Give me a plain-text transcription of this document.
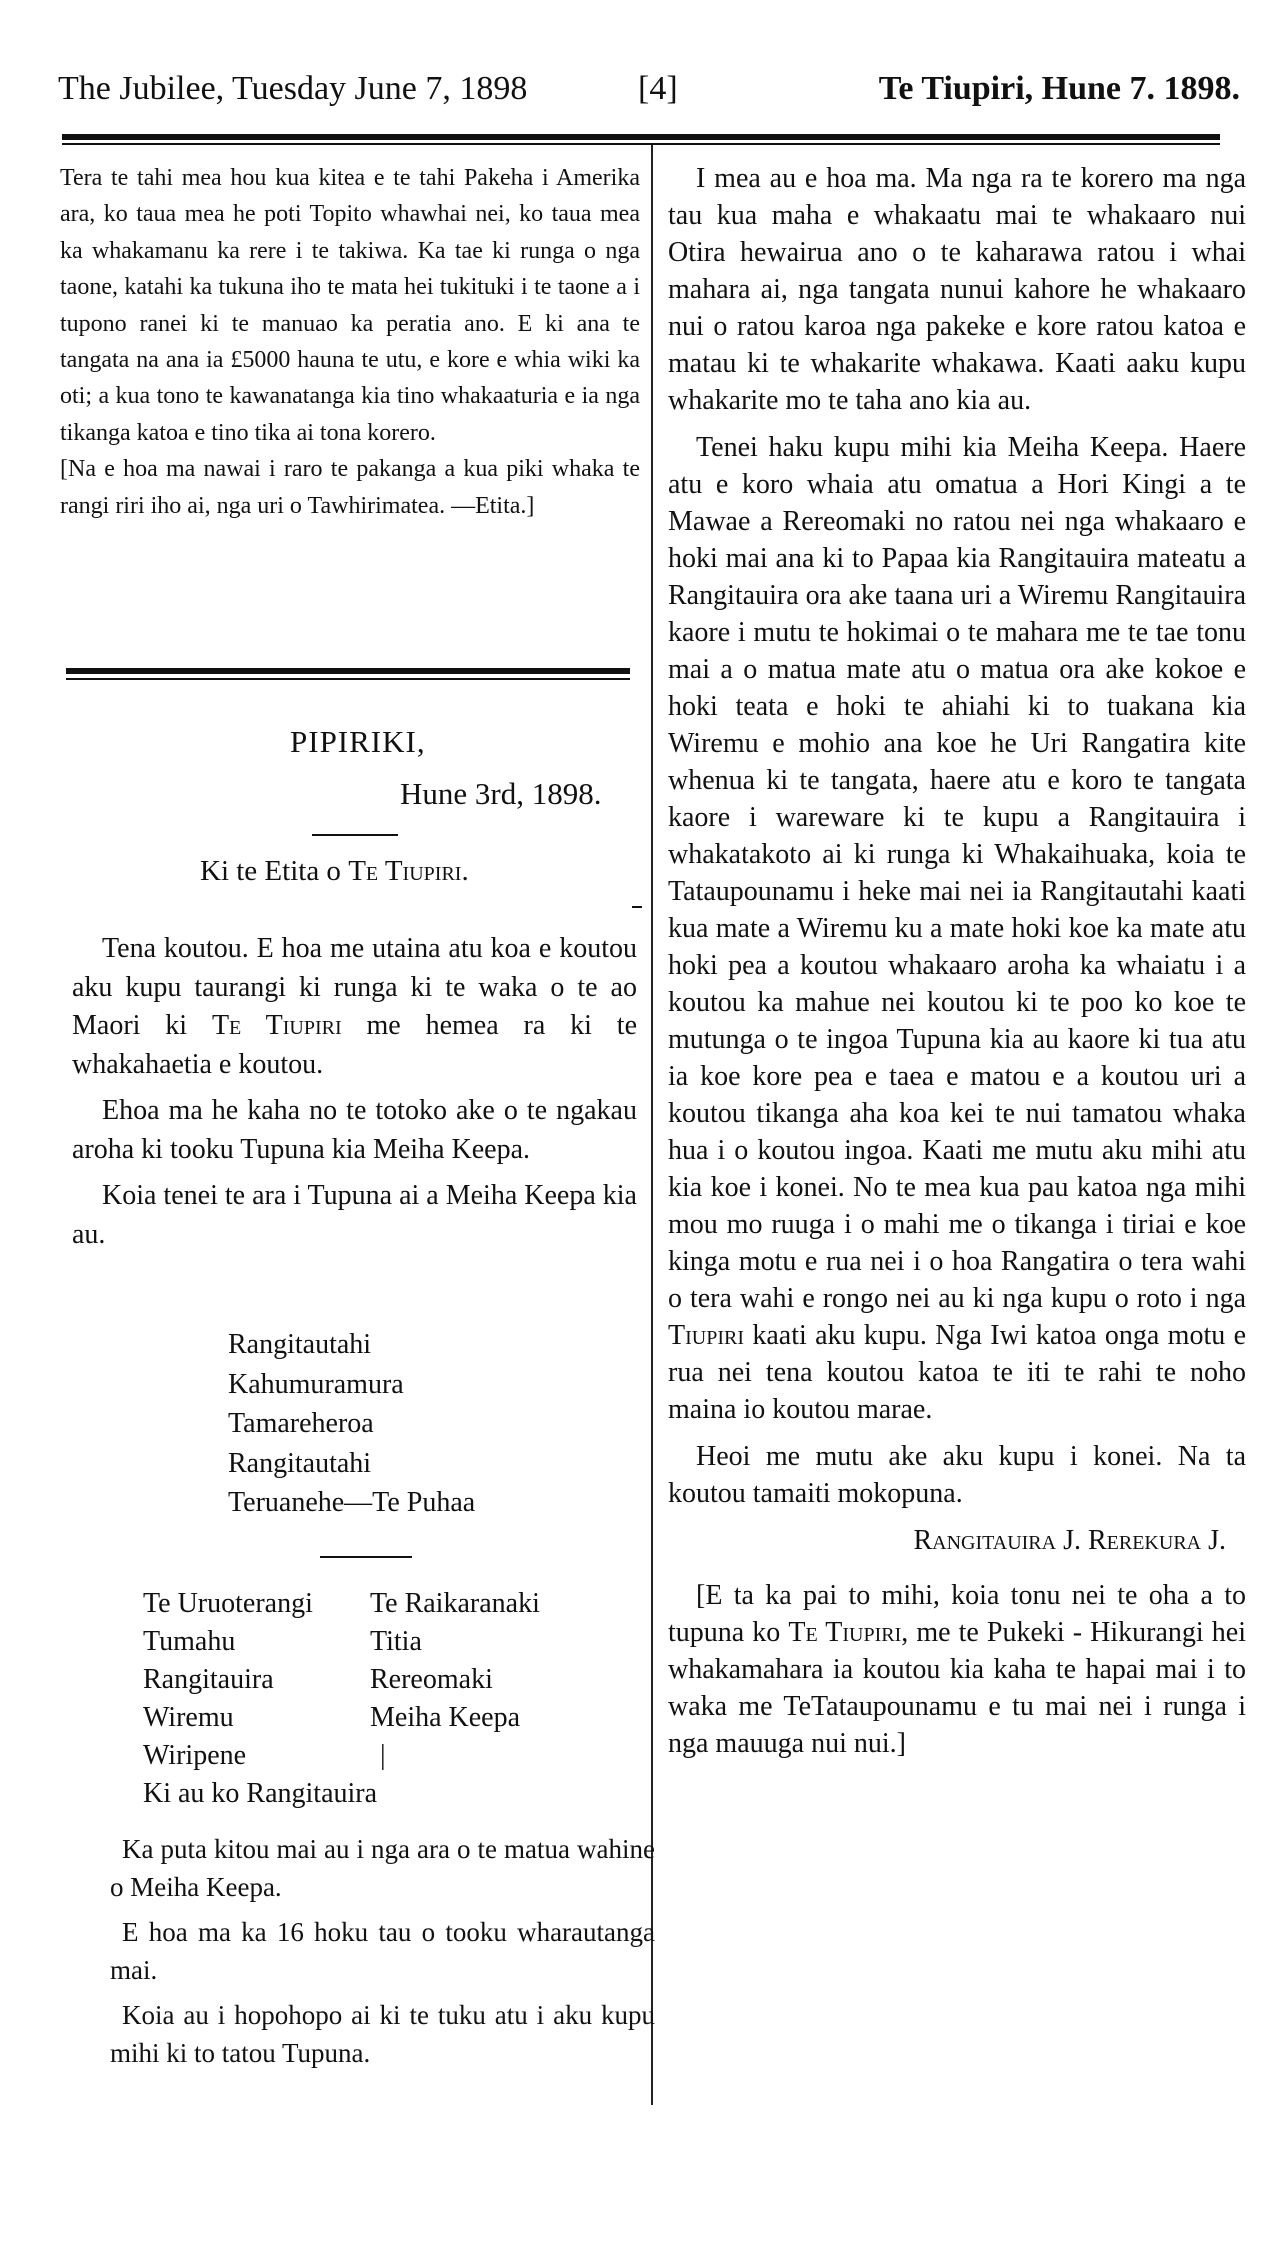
The Jubilee, Tuesday June 7, 1898	[4]	Te Tiupiri, Hune 7. 1898.

Tera te tahi mea hou kua kitea e te tahi Pakeha i Amerika ara, ko taua mea he poti Topito whawhai nei, ko taua mea ka whakamanu ka rere i te takiwa. Ka tae ki runga o nga taone, katahi ka tukuna iho te mata hei tukituki i te taone a i tupono ranei ki te manuao ka peratia ano. E ki ana te tangata na ana ia £5000 hauna te utu, e kore e whia wiki ka oti; a kua tono te kawanatanga kia tino whakaaturia e ia nga tikanga katoa e tino tika ai tona korero.

[Na e hoa ma nawai i raro te pakanga a kua piki whaka te rangi riri iho ai, nga uri o Tawhirimatea. —Etita.]

PIPIRIKI,
Hune 3rd, 1898.
Ki te Etita o Te Tiupiri.

Tena koutou. E hoa me utaina atu koa e koutou aku kupu taurangi ki runga ki te waka o te ao Maori ki Te Tiupiri me hemea ra ki te whakahaetia e koutou.

Ehoa ma he kaha no te totoko ake o te ngakau aroha ki tooku Tupuna kia Meiha Keepa.

Koia tenei te ara i Tupuna ai a Meiha Keepa kia au.

Rangitautahi
Kahumuramura
Tamareheroa
Rangitautahi
Teruanehe—Te Puhaa
Te Uruoterangi	Te Raikaranaki
Tumahu	Titia
Rangitauira	Rereomaki
Wiremu	Meiha Keepa
Wiripene	|
Ki au ko Rangitauira

Ka puta kitou mai au i nga ara o te matua wahine o Meiha Keepa.

E hoa ma ka 16 hoku tau o tooku wharautanga mai.

Koia au i hopohopo ai ki te tuku atu i aku kupu mihi ki to tatou Tupuna.

I mea au e hoa ma. Ma nga ra te korero ma nga tau kua maha e whakaatu mai te whakaaro nui Otira hewairua ano o te kaharawa ratou i whai mahara ai, nga tangata nunui kahore he whakaaro nui o ratou karoa nga pakeke e kore ratou katoa e matau ki te whakarite whakawa. Kaati aaku kupu whakarite mo te taha ano kia au.

Tenei haku kupu mihi kia Meiha Keepa. Haere atu e koro whaia atu omatua a Hori Kingi a te Mawae a Rereomaki no ratou nei nga whakaaro e hoki mai ana ki to Papaa kia Rangitauira mateatu a Rangitauira ora ake taana uri a Wiremu Rangitauira kaore i mutu te hokimai o te mahara me te tae tonu mai a o matua mate atu o matua ora ake kokoe e hoki teata e hoki te ahiahi ki to tuakana kia Wiremu e mohio ana koe he Uri Rangatira kite whenua ki te tangata, haere atu e koro te tangata kaore i wareware ki te kupu a Rangitauira i whakatakoto ai ki runga ki Whakaihuaka, koia te Tataupounamu i heke mai nei ia Rangitautahi kaati kua mate a Wiremu ku a mate hoki koe ka mate atu hoki pea a koutou whakaaro aroha ka whaiatu i a koutou ka mahue nei koutou ki te poo ko koe te mutunga o te ingoa Tupuna kia au kaore ki tua atu ia koe kore pea e taea e matou e a koutou uri a koutou tikanga aha koa kei te nui tamatou whaka hua i o koutou ingoa. Kaati me mutu aku mihi atu kia koe i konei. No te mea kua pau katoa nga mihi mou mo ruuga i o mahi me o tikanga i tiriai e koe kinga motu e rua nei i o hoa Rangatira o tera wahi o tera wahi e rongo nei au ki nga kupu o roto i nga Tiupiri kaati aku kupu. Nga Iwi katoa onga motu e rua nei tena koutou katoa te iti te rahi te noho maina io koutou marae.

Heoi me mutu ake aku kupu i konei. Na ta koutou tamaiti mokopuna.

Rangitauira J. Rerekura J.

[E ta ka pai to mihi, koia tonu nei te oha a to tupuna ko Te Tiupiri, me te Pukeki - Hikurangi hei whakamahara ia koutou kia kaha te hapai mai i to waka me TeTataupounamu e tu mai nei i runga i nga mauuga nui nui.]
